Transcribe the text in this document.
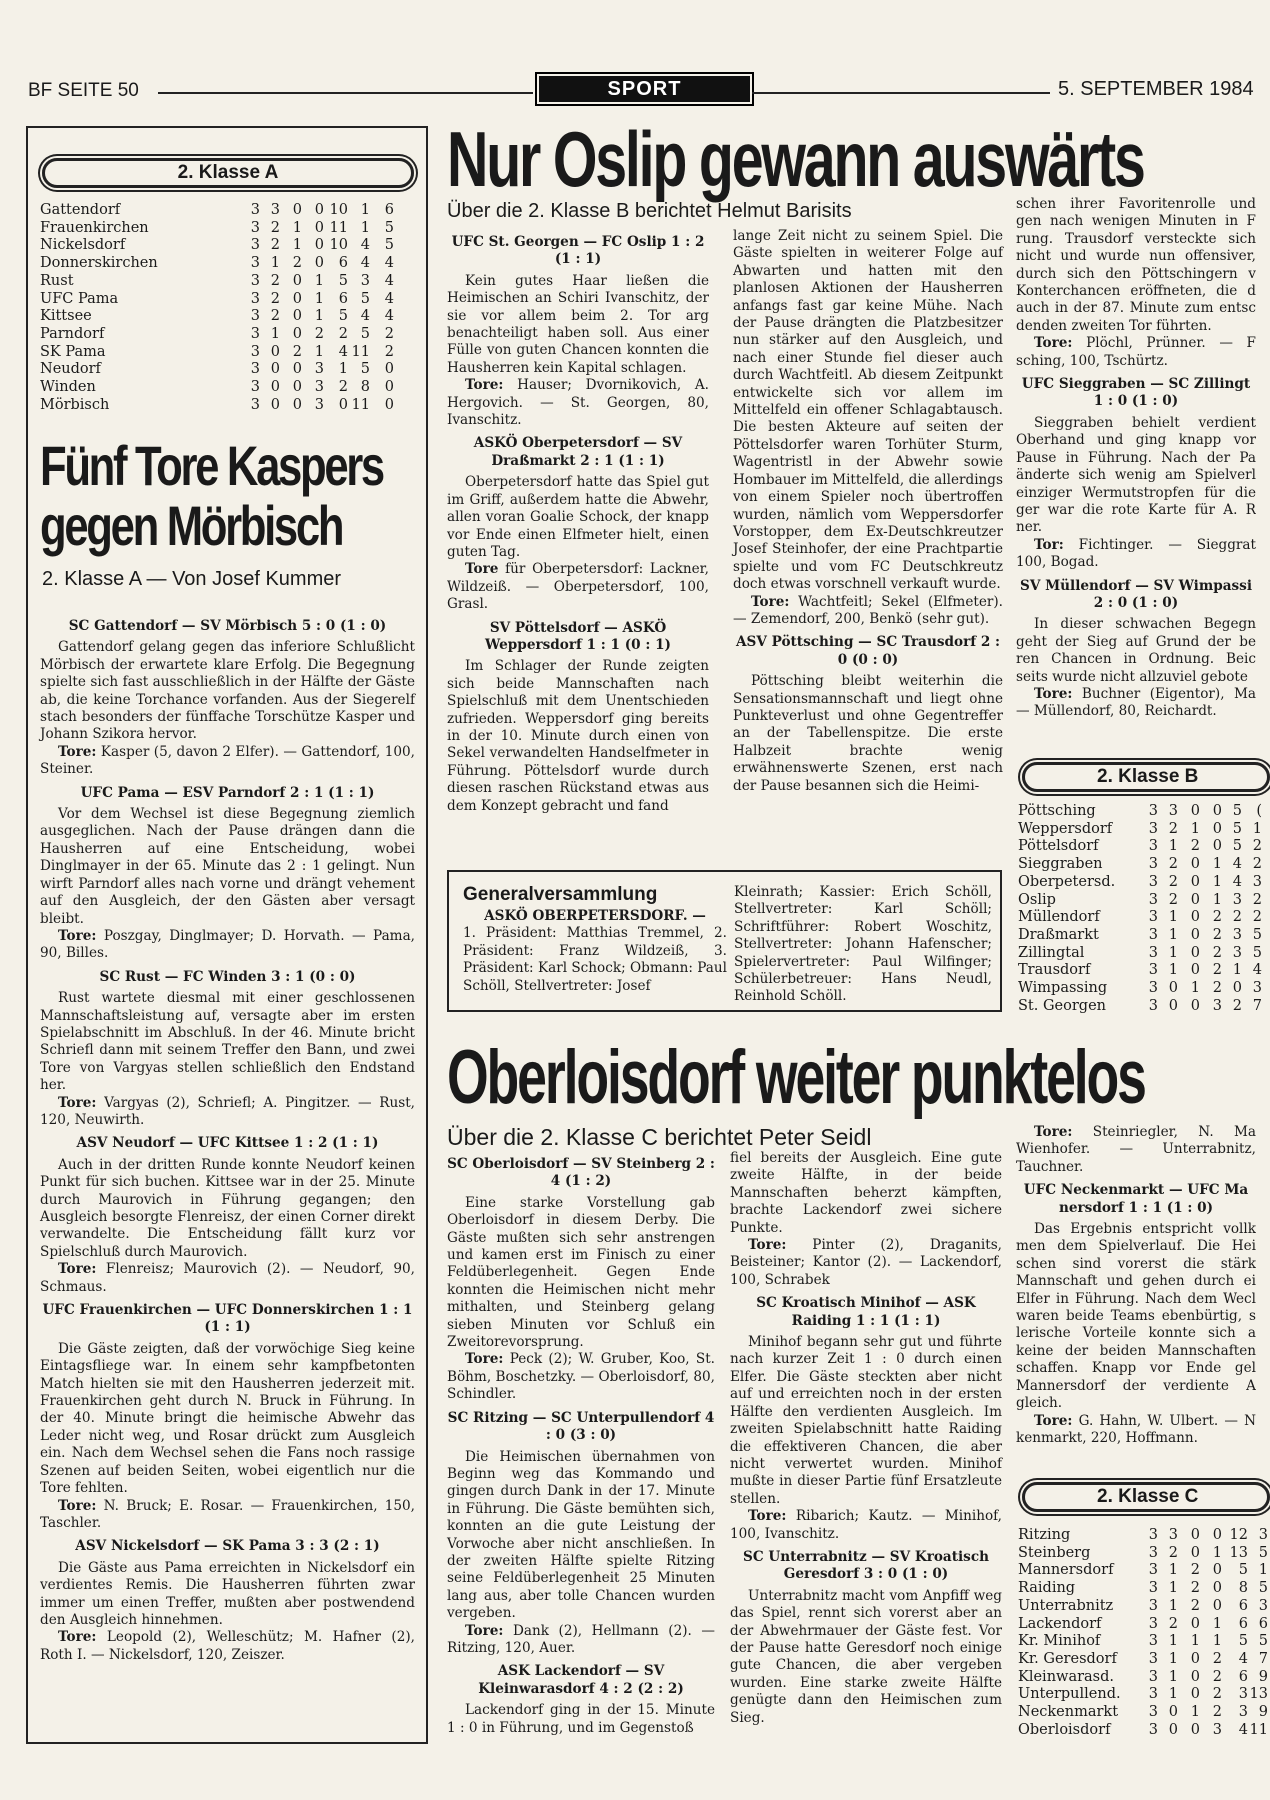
BF SEITE 50	SPORT	5. SEPTEMBER 1984
2. Klasse A
Gattendorf	3	3	0	0	10	1	6
Frauenkirchen	3	2	1	0	11	1	5
Nickelsdorf	3	2	1	0	10	4	5
Donnerskirchen	3	1	2	0	6	4	4
Rust	3	2	0	1	5	3	4
UFC Pama	3	2	0	1	6	5	4
Kittsee	3	2	0	1	5	4	4
Parndorf	3	1	0	2	2	5	2
SK Pama	3	0	2	1	4	11	2
Neudorf	3	0	0	3	1	5	0
Winden	3	0	0	3	2	8	0
Mörbisch	3	0	0	3	0	11	0
Fünf Tore Kaspers
gegen Mörbisch
2. Klasse A — Von Josef Kummer
SC Gattendorf — SV Mörbisch 5 : 0 (1 : 0)

Gattendorf gelang gegen das inferiore Schlußlicht Mörbisch der erwartete klare Erfolg. Die Begegnung spielte sich fast ausschließlich in der Hälfte der Gäste ab, die keine Torchance vorfanden. Aus der Siegerelf stach besonders der fünffache Torschütze Kasper und Johann Szikora hervor.

Tore: Kasper (5, davon 2 Elfer). — Gattendorf, 100, Steiner.
UFC Pama — ESV Parndorf 2 : 1 (1 : 1)

Vor dem Wechsel ist diese Begegnung ziemlich ausgeglichen. Nach der Pause drängen dann die Hausherren auf eine Entscheidung, wobei Dinglmayer in der 65. Minute das 2 : 1 gelingt. Nun wirft Parndorf alles nach vorne und drängt vehement auf den Ausgleich, der den Gästen aber versagt bleibt.

Tore: Poszgay, Dinglmayer; D. Horvath. — Pama, 90, Billes.
SC Rust — FC Winden 3 : 1 (0 : 0)

Rust wartete diesmal mit einer geschlossenen Mannschaftsleistung auf, versagte aber im ersten Spielabschnitt im Abschluß. In der 46. Minute bricht Schriefl dann mit seinem Treffer den Bann, und zwei Tore von Vargyas stellen schließlich den Endstand her.

Tore: Vargyas (2), Schriefl; A. Pingitzer. — Rust, 120, Neuwirth.
ASV Neudorf — UFC Kittsee 1 : 2 (1 : 1)

Auch in der dritten Runde konnte Neudorf keinen Punkt für sich buchen. Kittsee war in der 25. Minute durch Maurovich in Führung gegangen; den Ausgleich besorgte Flenreisz, der einen Corner direkt verwandelte. Die Entscheidung fällt kurz vor Spielschluß durch Maurovich.

Tore: Flenreisz; Maurovich (2). — Neudorf, 90, Schmaus.
UFC Frauenkirchen — UFC Donnerskirchen 1 : 1 (1 : 1)

Die Gäste zeigten, daß der vorwöchige Sieg keine Eintagsfliege war. In einem sehr kampfbetonten Match hielten sie mit den Hausherren jederzeit mit. Frauenkirchen geht durch N. Bruck in Führung. In der 40. Minute bringt die heimische Abwehr das Leder nicht weg, und Rosar drückt zum Ausgleich ein. Nach dem Wechsel sehen die Fans noch rassige Szenen auf beiden Seiten, wobei eigentlich nur die Tore fehlten.

Tore: N. Bruck; E. Rosar. — Frauenkirchen, 150, Taschler.
ASV Nickelsdorf — SK Pama 3 : 3 (2 : 1)

Die Gäste aus Pama erreichten in Nickelsdorf ein verdientes Remis. Die Hausherren führten zwar immer um einen Treffer, mußten aber postwendend den Ausgleich hinnehmen.

Tore: Leopold (2), Welleschütz; M. Hafner (2), Roth I. — Nickelsdorf, 120, Zeiszer.
Nur Oslip gewann auswärts
Über die 2. Klasse B berichtet Helmut Barisits
UFC St. Georgen — FC Oslip 1 : 2 (1 : 1)

Kein gutes Haar ließen die Heimischen an Schiri Ivanschitz, der sie vor allem beim 2. Tor arg benachteiligt haben soll. Aus einer Fülle von guten Chancen konnten die Hausherren kein Kapital schlagen.

Tore: Hauser; Dvornikovich, A. Hergovich. — St. Georgen, 80, Ivanschitz.
ASKÖ Oberpetersdorf — SV Draßmarkt 2 : 1 (1 : 1)

Oberpetersdorf hatte das Spiel gut im Griff, außerdem hatte die Abwehr, allen voran Goalie Schock, der knapp vor Ende einen Elfmeter hielt, einen guten Tag.

Tore für Oberpetersdorf: Lackner, Wildzeiß. — Oberpetersdorf, 100, Grasl.
SV Pöttelsdorf — ASKÖ Weppersdorf 1 : 1 (0 : 1)

Im Schlager der Runde zeigten sich beide Mannschaften nach Spielschluß mit dem Unentschieden zufrieden. Weppersdorf ging bereits in der 10. Minute durch einen von Sekel verwandelten Handselfmeter in Führung. Pöttelsdorf wurde durch diesen raschen Rückstand etwas aus dem Konzept gebracht und fand

lange Zeit nicht zu seinem Spiel. Die Gäste spielten in weiterer Folge auf Abwarten und hatten mit den planlosen Aktionen der Hausherren anfangs fast gar keine Mühe. Nach der Pause drängten die Platzbesitzer nun stärker auf den Ausgleich, und nach einer Stunde fiel dieser auch durch Wachtfeitl. Ab diesem Zeitpunkt entwickelte sich vor allem im Mittelfeld ein offener Schlagabtausch. Die besten Akteure auf seiten der Pöttelsdorfer waren Torhüter Sturm, Wagentristl in der Abwehr sowie Hombauer im Mittelfeld, die allerdings von einem Spieler noch übertroffen wurden, nämlich vom Weppersdorfer Vorstopper, dem Ex-Deutschkreutzer Josef Steinhofer, der eine Prachtpartie spielte und vom FC Deutschkreutz doch etwas vorschnell verkauft wurde.

Tore: Wachtfeitl; Sekel (Elfmeter). — Zemendorf, 200, Benkö (sehr gut).
ASV Pöttsching — SC Trausdorf 2 : 0 (0 : 0)

Pöttsching bleibt weiterhin die Sensationsmannschaft und liegt ohne Punkteverlust und ohne Gegentreffer an der Tabellenspitze. Die erste Halbzeit brachte wenig erwähnenswerte Szenen, erst nach der Pause besannen sich die Heimi-

schen ihrer Favoritenrolle und gen nach wenigen Minuten in F rung. Trausdorf versteckte sich nicht und wurde nun offensiver, durch sich den Pöttschingern v Konterchancen eröffneten, die d auch in der 87. Minute zum entsc denden zweiten Tor führten.

Tore: Plöchl, Prünner. — F sching, 100, Tschürtz.
UFC Sieggraben — SC Zillingt 1 : 0 (1 : 0)

Sieggraben behielt verdient Oberhand und ging knapp vor Pause in Führung. Nach der Pa änderte sich wenig am Spielverl einziger Wermutstropfen für die ger war die rote Karte für A. R ner.

Tor: Fichtinger. — Sieggrat 100, Bogad.
SV Müllendorf — SV Wimpassi 2 : 0 (1 : 0)

In dieser schwachen Begegn geht der Sieg auf Grund der be ren Chancen in Ordnung. Beic seits wurde nicht allzuviel gebote

Tore: Buchner (Eigentor), Ma — Müllendorf, 80, Reichardt.
2. Klasse B
Pöttsching	3	3	0	0	5	(
Weppersdorf	3	2	1	0	5	1
Pöttelsdorf	3	1	2	0	5	2
Sieggraben	3	2	0	1	4	2
Oberpetersd.	3	2	0	1	4	3
Oslip	3	2	0	1	3	2
Müllendorf	3	1	0	2	2	2
Draßmarkt	3	1	0	2	3	5
Zillingtal	3	1	0	2	3	5
Trausdorf	3	1	0	2	1	4
Wimpassing	3	0	1	2	0	3
St. Georgen	3	0	0	3	2	7
Generalversammlung
ASKÖ OBERPETERSDORF. —
1. Präsident: Matthias Tremmel, 2. Präsident: Franz Wildzeiß, 3. Präsident: Karl Schock; Obmann: Paul Schöll, Stellvertreter: Josef
Kleinrath; Kassier: Erich Schöll, Stellvertreter: Karl Schöll; Schriftführer: Robert Woschitz, Stellvertreter: Johann Hafenscher; Spielervertreter: Paul Wilfinger; Schülerbetreuer: Hans Neudl, Reinhold Schöll.
Oberloisdorf weiter punktelos
Über die 2. Klasse C berichtet Peter Seidl
SC Oberloisdorf — SV Steinberg 2 : 4 (1 : 2)

Eine starke Vorstellung gab Oberloisdorf in diesem Derby. Die Gäste mußten sich sehr anstrengen und kamen erst im Finisch zu einer Feldüberlegenheit. Gegen Ende konnten die Heimischen nicht mehr mithalten, und Steinberg gelang sieben Minuten vor Schluß ein Zweitorevorsprung.

Tore: Peck (2); W. Gruber, Koo, St. Böhm, Boschetzky. — Oberloisdorf, 80, Schindler.
SC Ritzing — SC Unterpullendorf 4 : 0 (3 : 0)

Die Heimischen übernahmen von Beginn weg das Kommando und gingen durch Dank in der 17. Minute in Führung. Die Gäste bemühten sich, konnten an die gute Leistung der Vorwoche aber nicht anschließen. In der zweiten Hälfte spielte Ritzing seine Feldüberlegenheit 25 Minuten lang aus, aber tolle Chancen wurden vergeben.

Tore: Dank (2), Hellmann (2). — Ritzing, 120, Auer.
ASK Lackendorf — SV Kleinwarasdorf 4 : 2 (2 : 2)

Lackendorf ging in der 15. Minute 1 : 0 in Führung, und im Gegenstoß

fiel bereits der Ausgleich. Eine gute zweite Hälfte, in der beide Mannschaften beherzt kämpften, brachte Lackendorf zwei sichere Punkte.

Tore: Pinter (2), Draganits, Beisteiner; Kantor (2). — Lackendorf, 100, Schrabek
SC Kroatisch Minihof — ASK Raiding 1 : 1 (1 : 1)

Minihof begann sehr gut und führte nach kurzer Zeit 1 : 0 durch einen Elfer. Die Gäste steckten aber nicht auf und erreichten noch in der ersten Hälfte den verdienten Ausgleich. Im zweiten Spielabschnitt hatte Raiding die effektiveren Chancen, die aber nicht verwertet wurden. Minihof mußte in dieser Partie fünf Ersatzleute stellen.

Tore: Ribarich; Kautz. — Minihof, 100, Ivanschitz.
SC Unterrabnitz — SV Kroatisch Geresdorf 3 : 0 (1 : 0)

Unterrabnitz macht vom Anpfiff weg das Spiel, rennt sich vorerst aber an der Abwehrmauer der Gäste fest. Vor der Pause hatte Geresdorf noch einige gute Chancen, die aber vergeben wurden. Eine starke zweite Hälfte genügte dann den Heimischen zum Sieg.

Tore: Steinriegler, N. Ma Wienhofer. — Unterrabnitz, Tauchner.
UFC Neckenmarkt — UFC Ma nersdorf 1 : 1 (1 : 0)

Das Ergebnis entspricht vollk men dem Spielverlauf. Die Hei schen sind vorerst die stärk Mannschaft und gehen durch ei Elfer in Führung. Nach dem Wecl waren beide Teams ebenbürtig, s lerische Vorteile konnte sich a keine der beiden Mannschaften schaffen. Knapp vor Ende gel Mannersdorf der verdiente A gleich.

Tore: G. Hahn, W. Ulbert. — N kenmarkt, 220, Hoffmann.
2. Klasse C
Ritzing	3	3	0	0	12	3
Steinberg	3	2	0	1	13	5
Mannersdorf	3	1	2	0	5	1
Raiding	3	1	2	0	8	5
Unterrabnitz	3	1	2	0	6	3
Lackendorf	3	2	0	1	6	6
Kr. Minihof	3	1	1	1	5	5
Kr. Geresdorf	3	1	0	2	4	7
Kleinwarasd.	3	1	0	2	6	9
Unterpullend.	3	1	0	2	3	13
Neckenmarkt	3	0	1	2	3	9
Oberloisdorf	3	0	0	3	4	11
